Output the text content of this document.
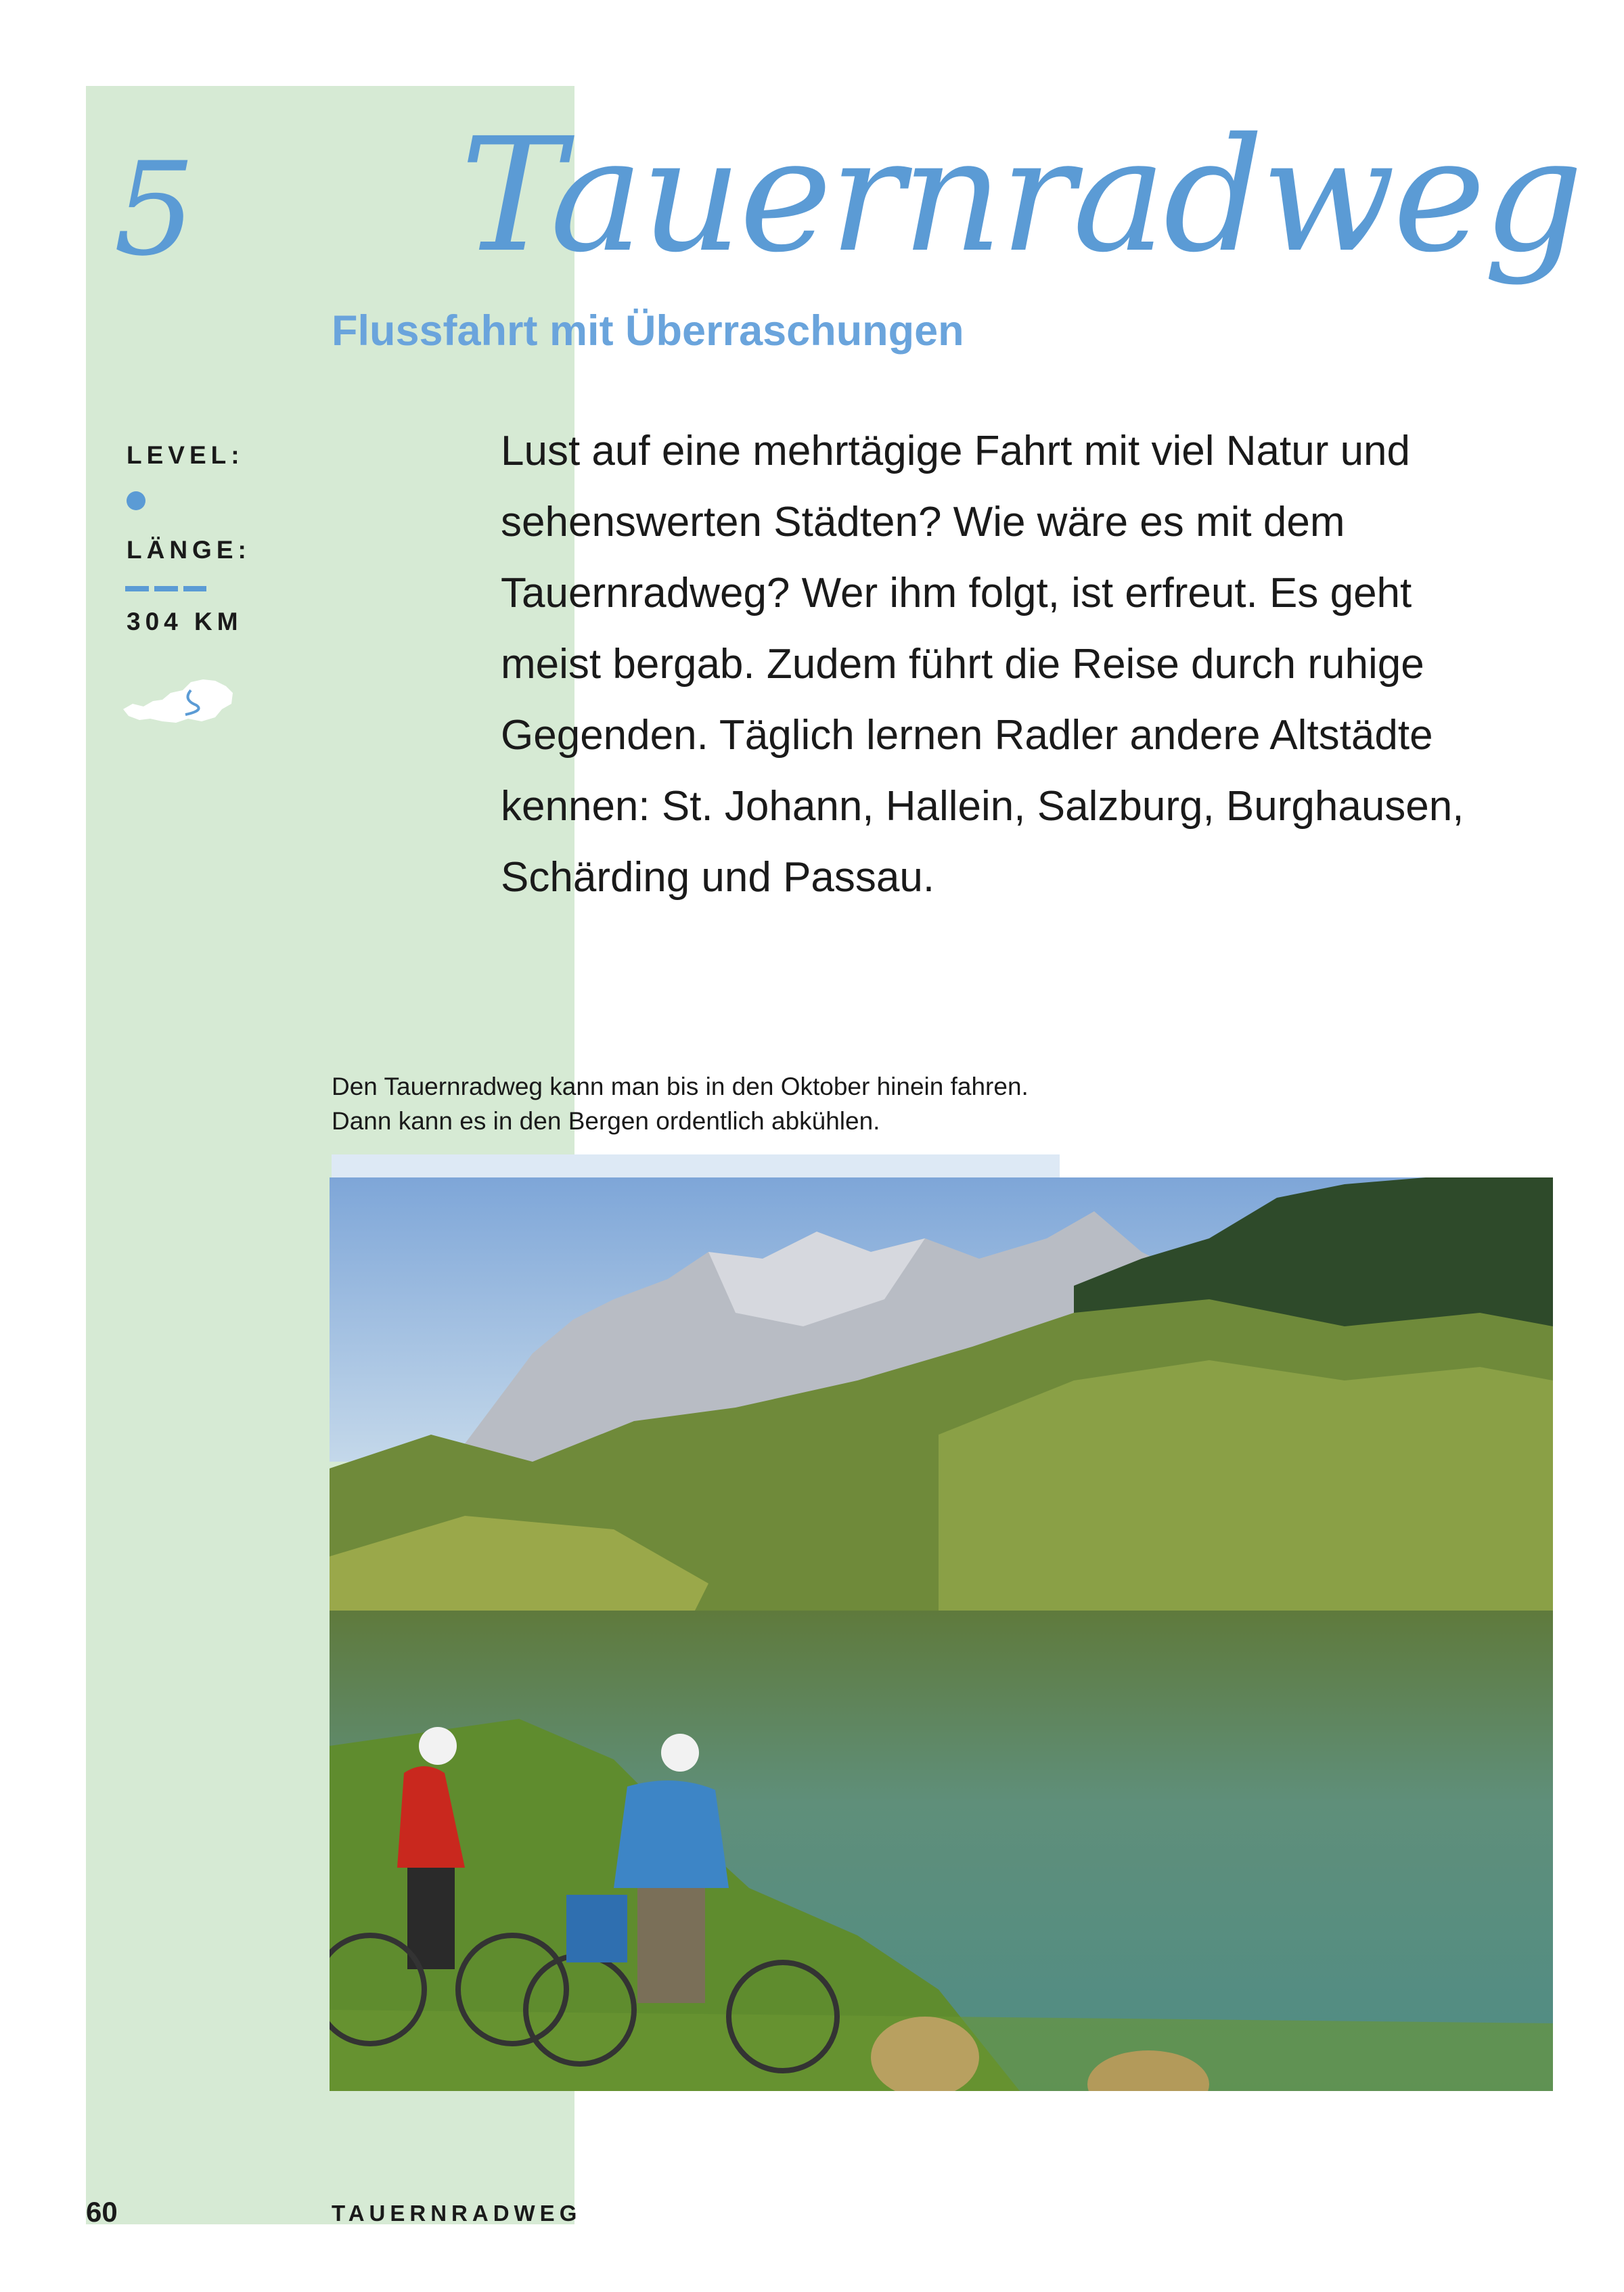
5 Tauernradweg
Flussfahrt mit Überraschungen
LEVEL:
LÄNGE:
304 KM
Lust auf eine mehrtägige Fahrt mit viel Natur und sehenswerten Städten? Wie wäre es mit dem Tauernradweg? Wer ihm folgt, ist erfreut. Es geht meist bergab. Zudem führt die Reise durch ruhige Gegenden. Täglich lernen Radler andere Altstädte kennen: St. Johann, Hallein, Salzburg, Burghausen, Schärding und Passau.
Den Tauernradweg kann man bis in den Oktober hinein fahren. Dann kann es in den Bergen ordentlich abkühlen.
60	TAUERNRADWEG
